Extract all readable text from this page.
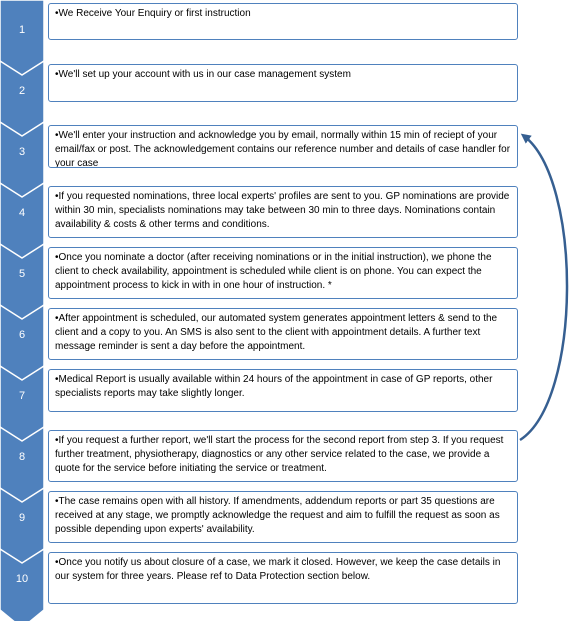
1
•We Receive Your Enquiry or first instruction
2
•We'll set up your account with us in our case management system
3
•We'll enter your instruction and acknowledge you by email, normally within 15 min of reciept of your email/fax or post. The acknowledgement contains our reference number and details of case handler for your case
4
•If you requested nominations, three local experts' profiles are sent to you. GP nominations are provide within 30 min, specialists nominations may take between 30 min to three days. Nominations contain availability & costs & other terms and conditions.
5
•Once you nominate a doctor (after receiving nominations or in the initial instruction), we phone the client to check availability, appointment is scheduled while client is on phone. You can expect the appointment process to kick in with in one hour of instruction. *
6
•After appointment is scheduled, our automated system generates appointment letters & send to the client and a copy to you. An SMS is also sent to the client with appointment details. A further text message reminder is sent a day before the appointment.
7
•Medical Report is usually available within 24 hours of the appointment in case of GP reports, other specialists reports may take slightly longer.
8
•If you request a further report, we'll start the process for the second report from step 3. If you request further treatment, physiotherapy, diagnostics or any other service related to the case, we provide a quote for the service before initiating the service or treatment.
9
•The case remains open with all history. If amendments, addendum reports or part 35 questions are received at any stage, we promptly acknowledge the request and aim to fulfill the request as soon as possible depending upon experts' availability.
10
•Once you notify us about closure of a case, we mark it closed. However, we keep the case details in our system for three years. Please ref to Data Protection section below.
